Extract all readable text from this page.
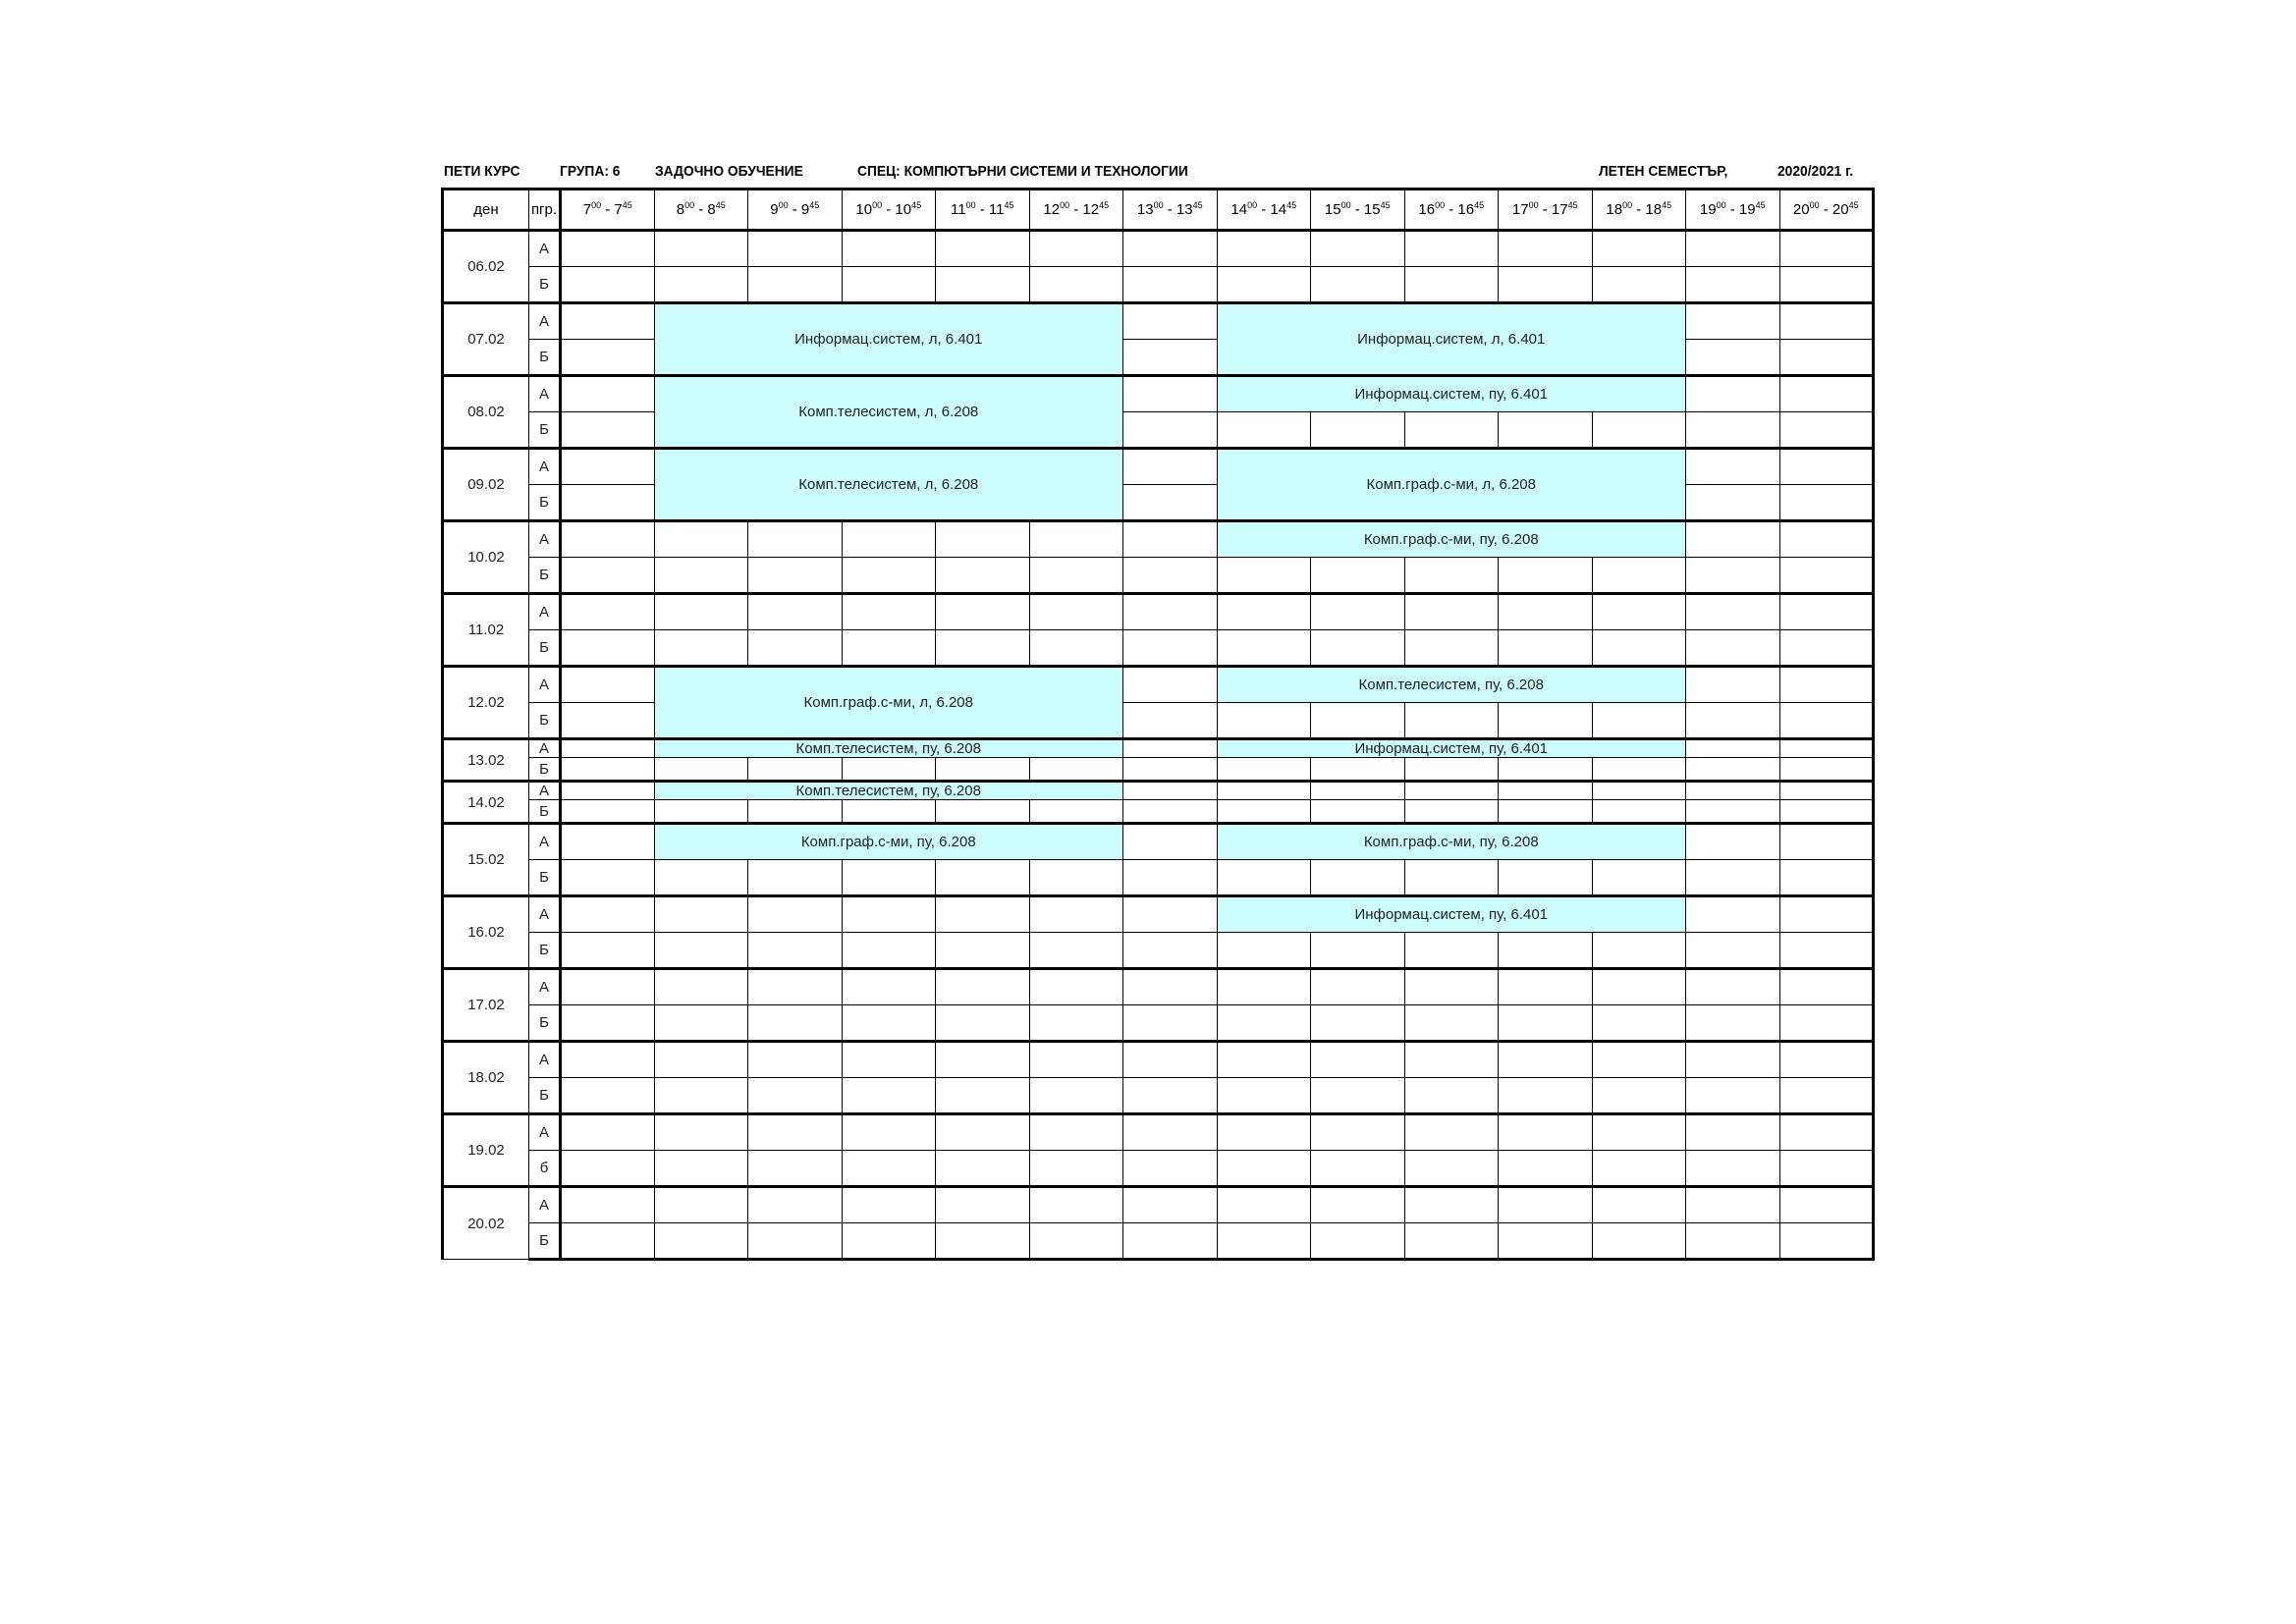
ПЕТИ КУРС	ГРУПА: 6 ЗАДОЧНО ОБУЧЕНИЕ	СПЕЦ: КОМПЮТЪРНИ СИСТЕМИ И ТЕХНОЛОГИИ	ЛЕТЕН СЕМЕСТЪР,	2020/2021 г.
ден	пгр.	$7^{00} - 7^{45}$	$8^{00} - 8^{45}$	$9^{00} - 9^{45}$	$10^{00} - 10^{45}$	$11^{00} - 11^{45}$	$12^{00} - 12^{45}$	$13^{00} - 13^{45}$	$14^{00} - 14^{45}$	$15^{00} - 15^{45}$	$16^{00} - 16^{45}$	$17^{00} - 17^{45}$	$18^{00} - 18^{45}$	$19^{00} - 19^{45}$	$20^{00} - 20^{45}$
06.02	А														
	Б														
07.02	А		Информац.систем, л, 6.401						Информац.систем, л, 6.401						
	Б														
08.02	А		Комп.телесистем, л, 6.208						Информац.систем, пу, 6.401						
	Б														
09.02	А		Комп.телесистем, л, 6.208						Комп.граф.с-ми, л, 6.208						
	Б														
10.02	А								Комп.граф.с-ми, пу, 6.208						
	Б														
11.02	А														
	Б														
12.02	А		Комп.граф.с-ми, л, 6.208						Комп.телесистем, пу, 6.208						
	Б														
13.02	А		Комп.телесистем, пу, 6.208						Информац.систем, пу, 6.401						
	Б														
14.02	А		Комп.телесистем, пу, 6.208												
	Б														
15.02	А		Комп.граф.с-ми, пу, 6.208						Комп.граф.с-ми, пу, 6.208						
	Б														
16.02	А								Информац.систем, пу, 6.401						
	Б														
17.02	А														
	Б														
18.02	А														
	Б														
19.02	А														
	б														
20.02	А														
	Б														
